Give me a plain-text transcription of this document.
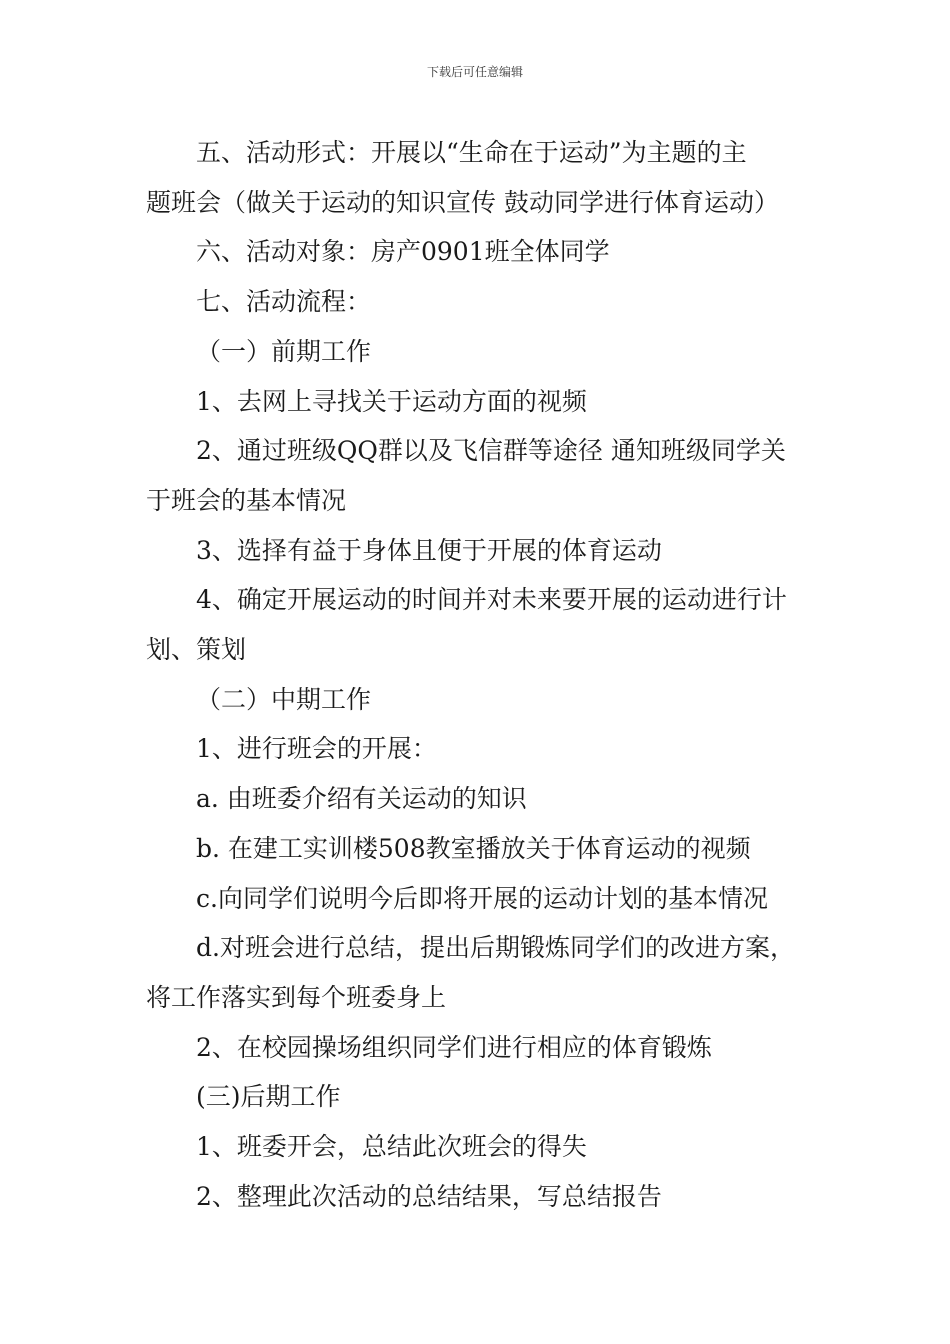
下载后可任意编辑

五、活动形式：开展以“生命在于运动”为主题的主
题班会（做关于运动的知识宣传 鼓动同学进行体育运动）

六、活动对象：房产0901班全体同学

七、活动流程：

（一）前期工作

1、去网上寻找关于运动方面的视频

2、通过班级QQ群以及飞信群等途径 通知班级同学关
于班会的基本情况

3、选择有益于身体且便于开展的体育运动

4、确定开展运动的时间并对未来要开展的运动进行计
划、策划

（二）中期工作

1、进行班会的开展：

a. 由班委介绍有关运动的知识

b. 在建工实训楼508教室播放关于体育运动的视频

c.向同学们说明今后即将开展的运动计划的基本情况

d.对班会进行总结，提出后期锻炼同学们的改进方案，
将工作落实到每个班委身上

2、在校园操场组织同学们进行相应的体育锻炼

(三)后期工作

1、班委开会，总结此次班会的得失

2、整理此次活动的总结结果，写总结报告
